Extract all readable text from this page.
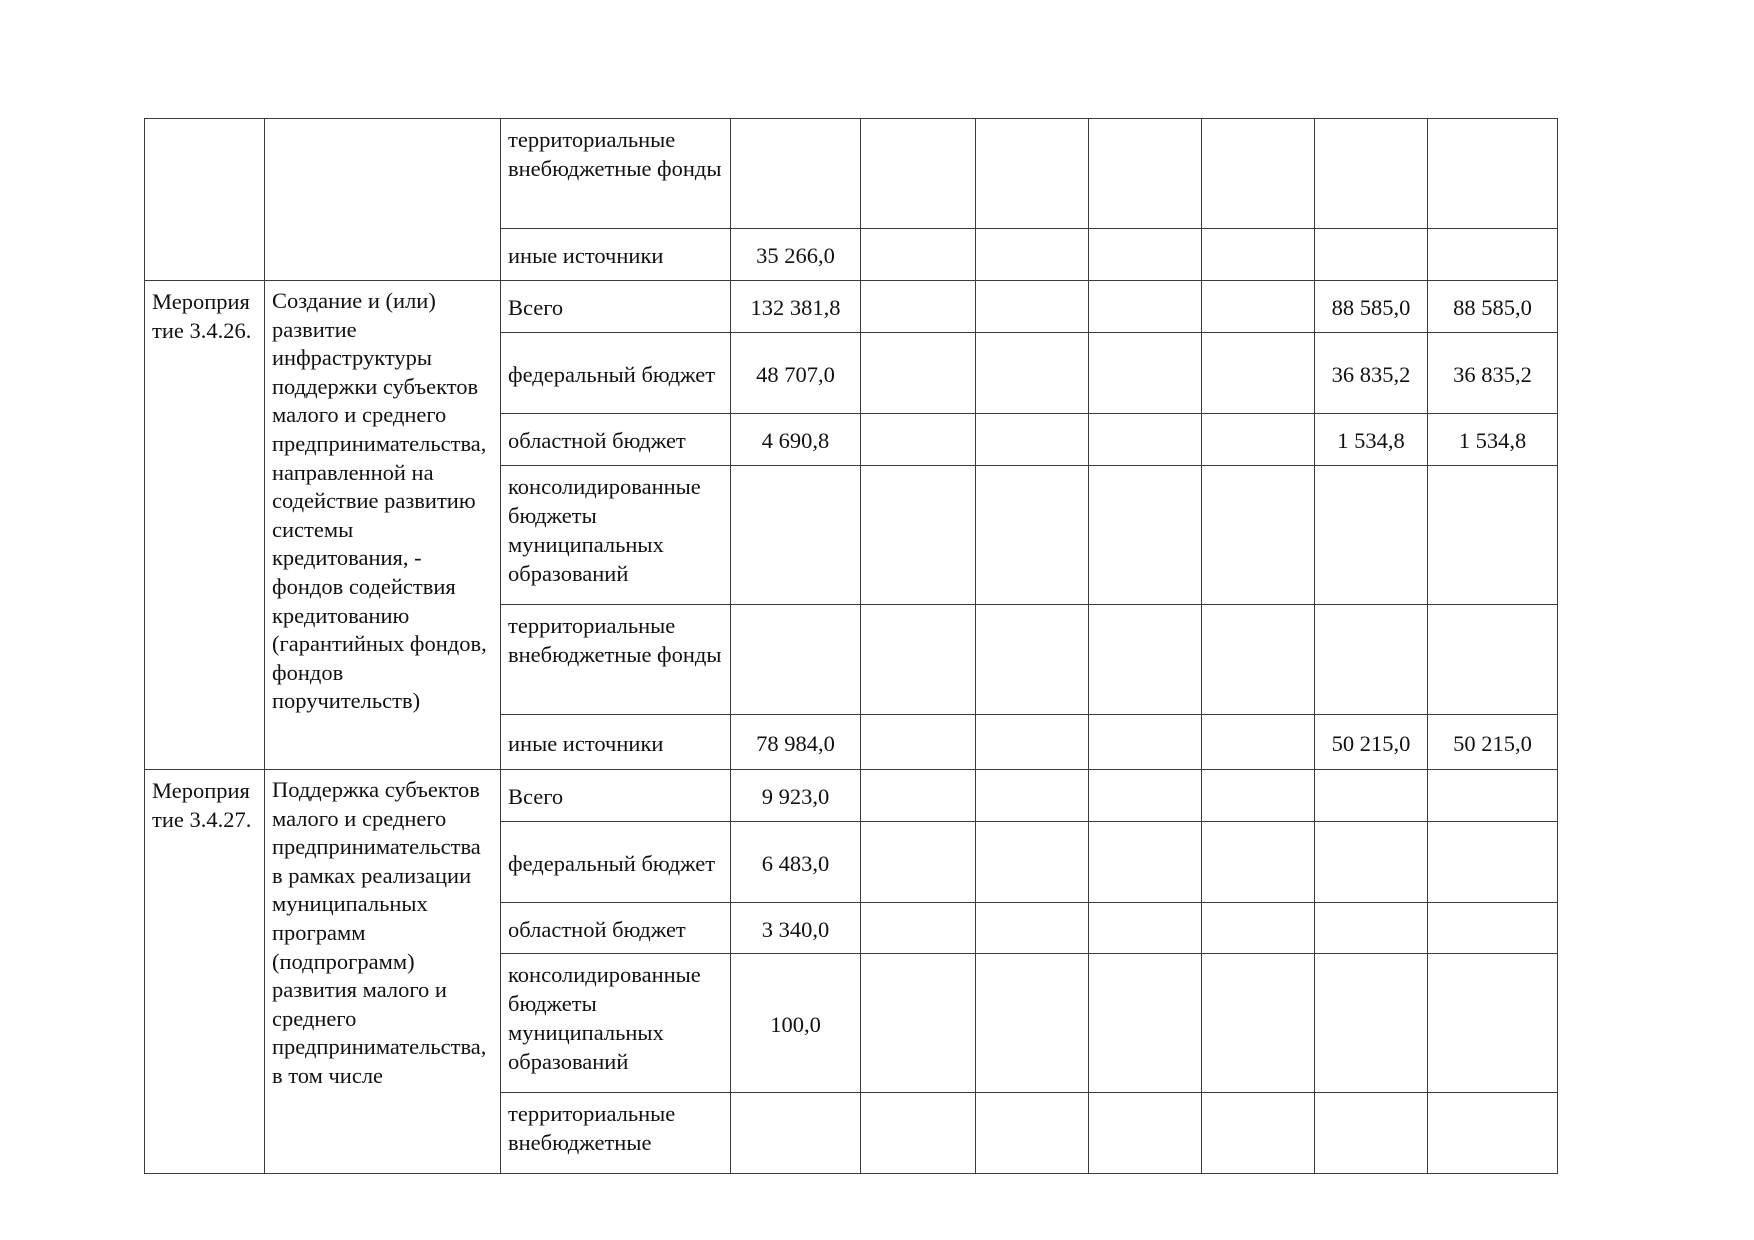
		территориальные внебюджетные фонды							
		иные источники	35 266,0						
Мероприятие 3.4.26.	Создание и (или) развитие инфраструктуры поддержки субъектов малого и среднего предпринимательства, направленной на содействие развитию системы кредитования, - фондов содействия кредитованию (гарантийных фондов, фондов поручительств)	Всего	132 381,8					88 585,0	88 585,0
		федеральный бюджет	48 707,0					36 835,2	36 835,2
		областной бюджет	4 690,8					1 534,8	1 534,8
		консолидированные бюджеты муниципальных образований							
		территориальные внебюджетные фонды							
		иные источники	78 984,0					50 215,0	50 215,0
Мероприятие 3.4.27.	Поддержка субъектов малого и среднего предпринимательства в рамках реализации муниципальных программ (подпрограмм) развития малого и среднего предпринимательства, в том числе	Всего	9 923,0						
		федеральный бюджет	6 483,0						
		областной бюджет	3 340,0						
		консолидированные бюджеты муниципальных образований	100,0						
		территориальные внебюджетные							
